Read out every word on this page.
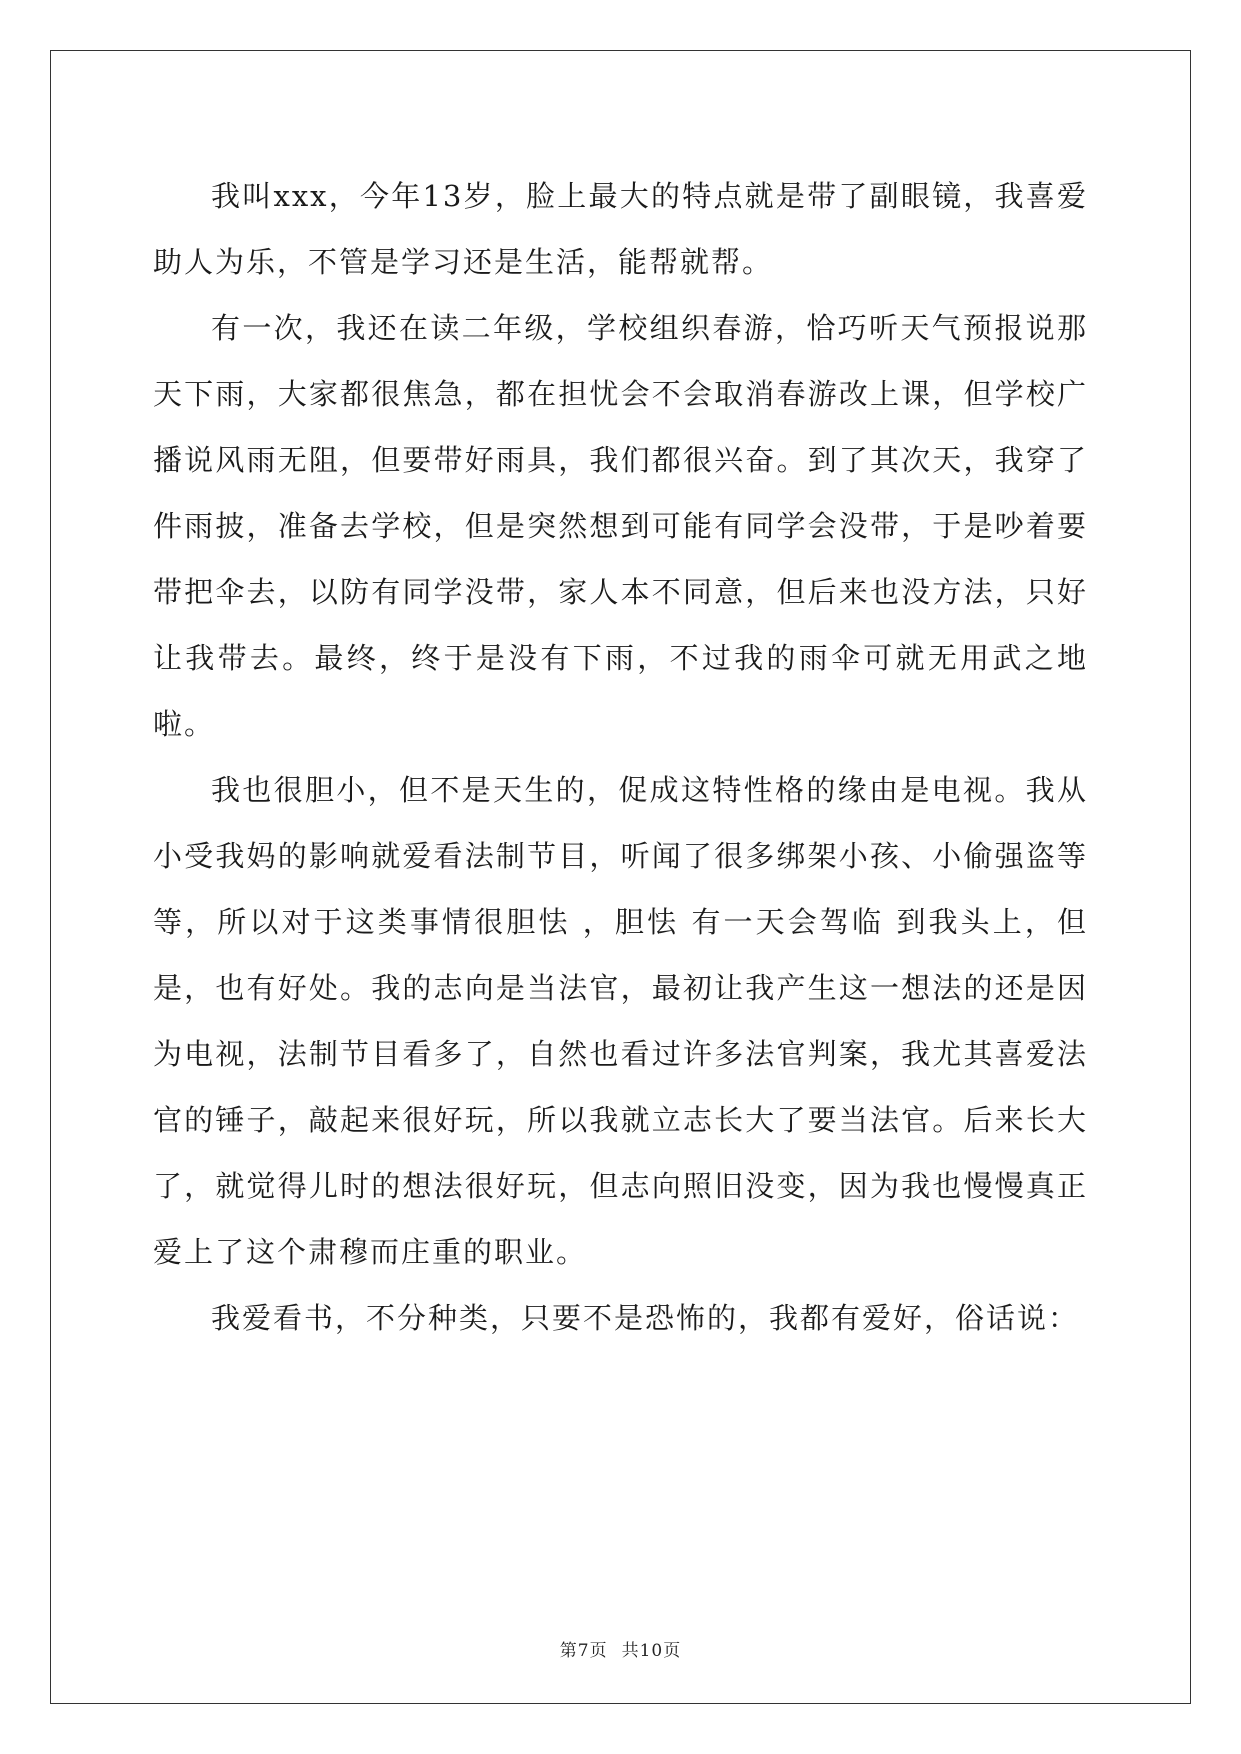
我叫xxx，今年13岁，脸上最大的特点就是带了副眼镜，我喜爱助人为乐，不管是学习还是生活，能帮就帮。

有一次，我还在读二年级，学校组织春游，恰巧听天气预报说那天下雨，大家都很焦急，都在担忧会不会取消春游改上课，但学校广播说风雨无阻，但要带好雨具，我们都很兴奋。到了其次天，我穿了件雨披，准备去学校，但是突然想到可能有同学会没带，于是吵着要带把伞去，以防有同学没带，家人本不同意，但后来也没方法，只好让我带去。最终，终于是没有下雨，不过我的雨伞可就无用武之地啦。

我也很胆小，但不是天生的，促成这特性格的缘由是电视。我从小受我妈的影响就爱看法制节目，听闻了很多绑架小孩、小偷强盗等等，所以对于这类事情很胆怯 ，胆怯 有一天会驾临 到我头上，但是，也有好处。我的志向是当法官，最初让我产生这一想法的还是因为电视，法制节目看多了，自然也看过许多法官判案，我尤其喜爱法官的锤子，敲起来很好玩，所以我就立志长大了要当法官。后来长大了，就觉得儿时的想法很好玩，但志向照旧没变，因为我也慢慢真正爱上了这个肃穆而庄重的职业。

我爱看书，不分种类，只要不是恐怖的，我都有爱好，俗话说：

第7页 共10页
